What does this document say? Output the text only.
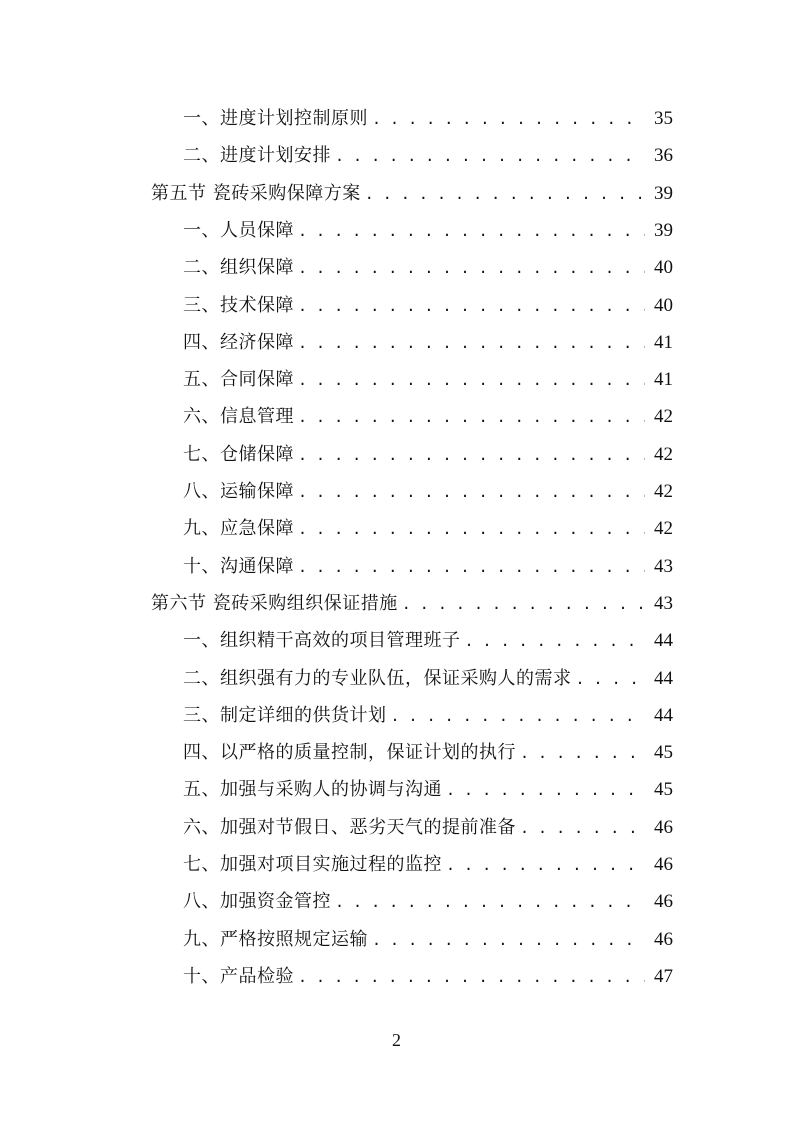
一、进度计划控制原则 . . .	35
二、进度计划安排 . . .	36
第五节 瓷砖采购保障方案 . . .	39
一、人员保障 . . .	39
二、组织保障 . . .	40
三、技术保障 . . .	40
四、经济保障 . . .	41
五、合同保障 . . .	41
六、信息管理 . . .	42
七、仓储保障 . . .	42
八、运输保障 . . .	42
九、应急保障 . . .	42
十、沟通保障 . . .	43
第六节 瓷砖采购组织保证措施 . . .	43
一、组织精干高效的项目管理班子 . . .	44
二、组织强有力的专业队伍，保证采购人的需求 . . .	44
三、制定详细的供货计划 . . .	44
四、以严格的质量控制，保证计划的执行 . . .	45
五、加强与采购人的协调与沟通 . . .	45
六、加强对节假日、恶劣天气的提前准备 . . .	46
七、加强对项目实施过程的监控 . . .	46
八、加强资金管控 . . .	46
九、严格按照规定运输 . . .	46
十、产品检验 . . .	47
2
